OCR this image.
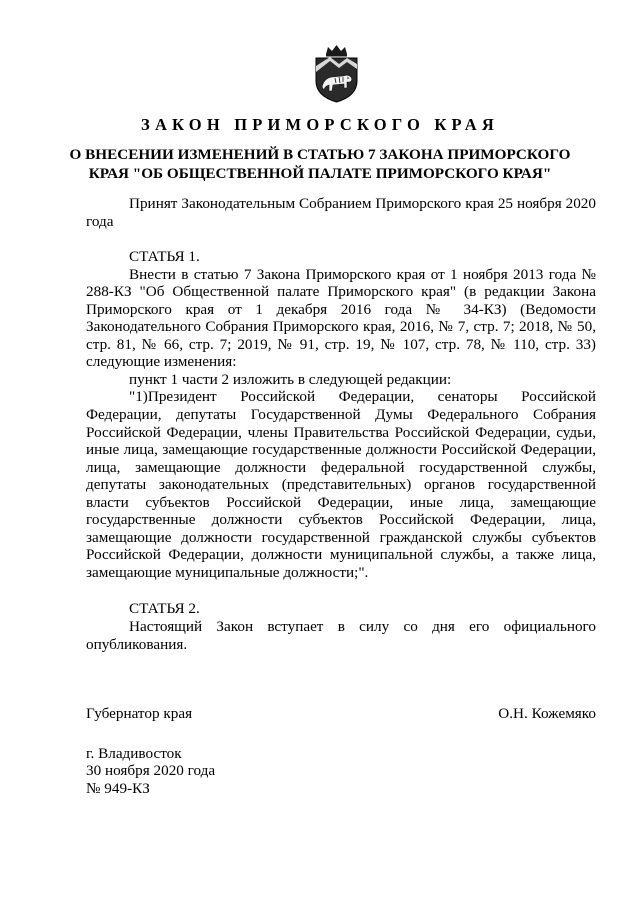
ЗАКОН ПРИМОРСКОГО КРАЯ
О ВНЕСЕНИИ ИЗМЕНЕНИЙ В СТАТЬЮ 7 ЗАКОНА ПРИМОРСКОГО
КРАЯ "ОБ ОБЩЕСТВЕННОЙ ПАЛАТЕ ПРИМОРСКОГО КРАЯ"

Принят Законодательным Собранием Приморского края 25 ноября 2020 года

СТАТЬЯ 1.

Внести в статью 7 Закона Приморского края от 1 ноября 2013 года № 288-КЗ "Об Общественной палате Приморского края" (в редакции Закона Приморского края от 1 декабря 2016 года № 34-КЗ) (Ведомости Законодательного Собрания Приморского края, 2016, № 7, стр. 7; 2018, № 50, стр. 81, № 66, стр. 7; 2019, № 91, стр. 19, № 107, стр. 78, № 110, стр. 33) следующие изменения:

пункт 1 части 2 изложить в следующей редакции:

"1)Президент Российской Федерации, сенаторы Российской Федерации, депутаты Государственной Думы Федерального Собрания Российской Федерации, члены Правительства Российской Федерации, судьи, иные лица, замещающие государственные должности Российской Федерации, лица, замещающие должности федеральной государственной службы, депутаты законодательных (представительных) органов государственной власти субъектов Российской Федерации, иные лица, замещающие государственные должности субъектов Российской Федерации, лица, замещающие должности государственной гражданской службы субъектов Российской Федерации, должности муниципальной службы, а также лица, замещающие муниципальные должности;".

СТАТЬЯ 2.

Настоящий Закон вступает в силу со дня его официального опубликования.

Губернатор края	О.Н. Кожемяко

г. Владивосток

30 ноября 2020 года

№ 949-КЗ
